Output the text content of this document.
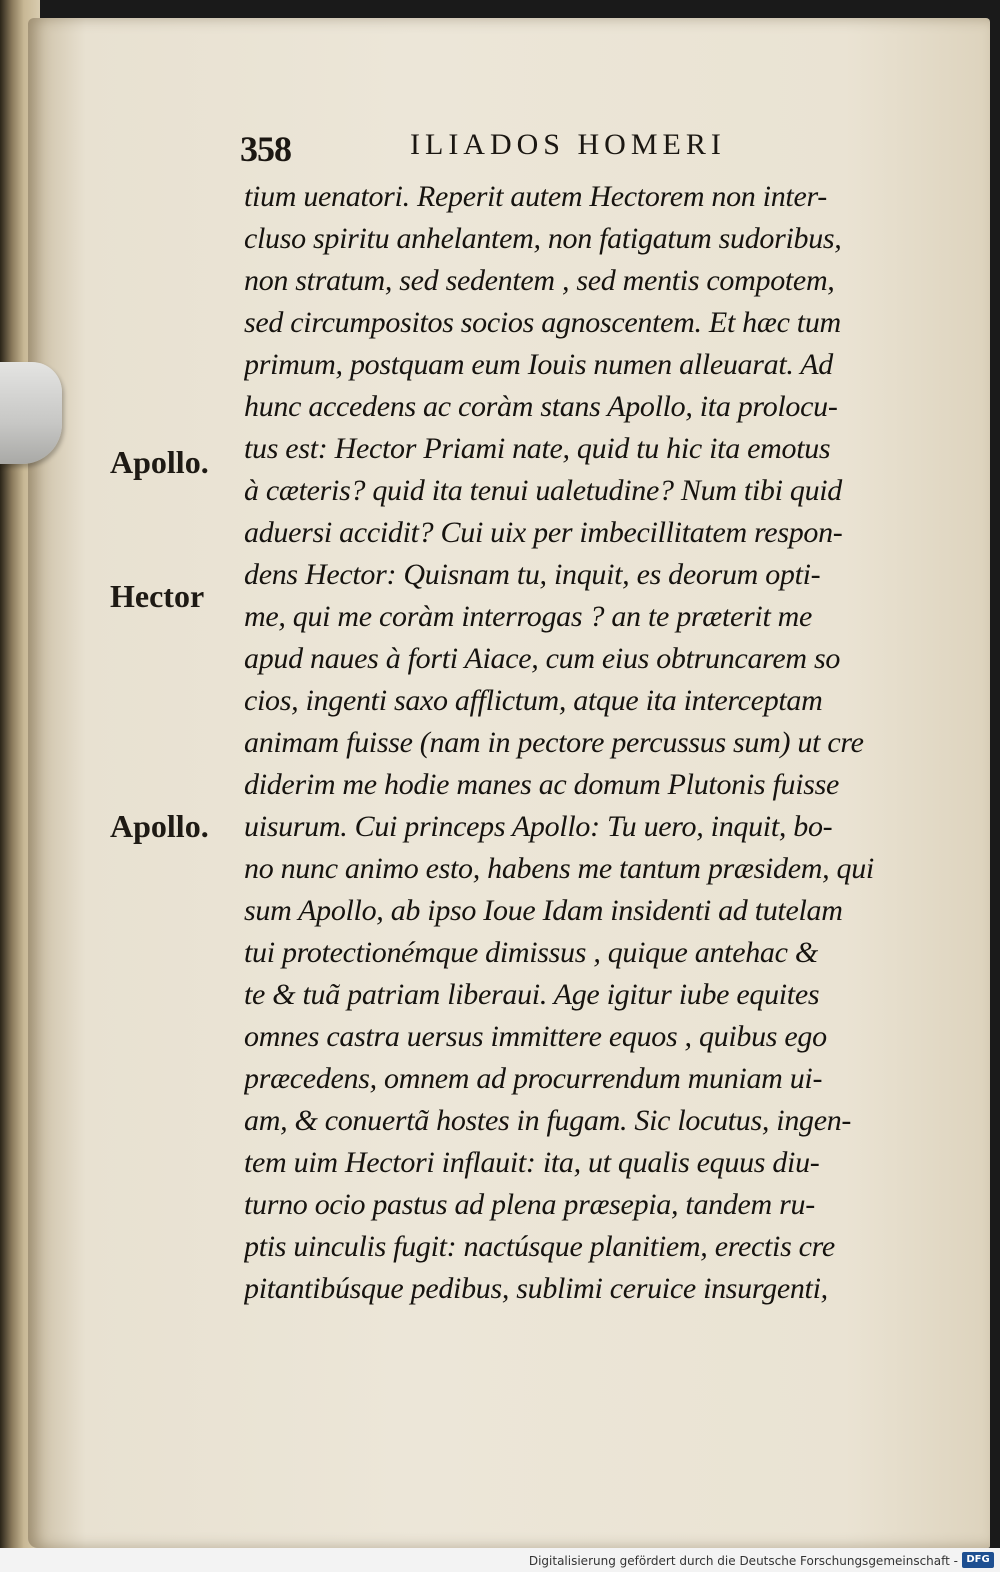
358	ILIADOS HOMERI
Apollo.
Hector
Apollo.
tium uenatori. Reperit autem Hectorem non inter-
cluso spiritu anhelantem, non fatigatum sudoribus,
non stratum, sed sedentem , sed mentis compotem,
sed circumpositos socios agnoscentem. Et hæc tum
primum, postquam eum Iouis numen alleuarat. Ad
hunc accedens ac coràm stans Apollo, ita prolocu-
tus est: Hector Priami nate, quid tu hic ita emotus
à cæteris? quid ita tenui ualetudine? Num tibi quid
aduersi accidit? Cui uix per imbecillitatem respon-
dens Hector: Quisnam tu, inquit, es deorum opti-
me, qui me coràm interrogas ? an te præterit me
apud naues à forti Aiace, cum eius obtruncarem so
cios, ingenti saxo afflictum, atque ita interceptam
animam fuisse (nam in pectore percussus sum) ut cre
diderim me hodie manes ac domum Plutonis fuisse
uisurum. Cui princeps Apollo: Tu uero, inquit, bo-
no nunc animo esto, habens me tantum præsidem, qui
sum Apollo, ab ipso Ioue Idam insidenti ad tutelam
tui protectionémque dimissus , quique antehac &
te & tuã patriam liberaui. Age igitur iube equites
omnes castra uersus immittere equos , quibus ego
præcedens, omnem ad procurrendum muniam ui-
am, & conuertã hostes in fugam. Sic locutus, ingen-
tem uim Hectori inflauit: ita, ut qualis equus diu-
turno ocio pastus ad plena præsepia, tandem ru-
ptis uinculis fugit: nactúsque planitiem, erectis cre
pitantibúsque pedibus, sublimi ceruice insurgenti,
Digitalisierung gefördert durch die Deutsche Forschungsgemeinschaft - DFG
